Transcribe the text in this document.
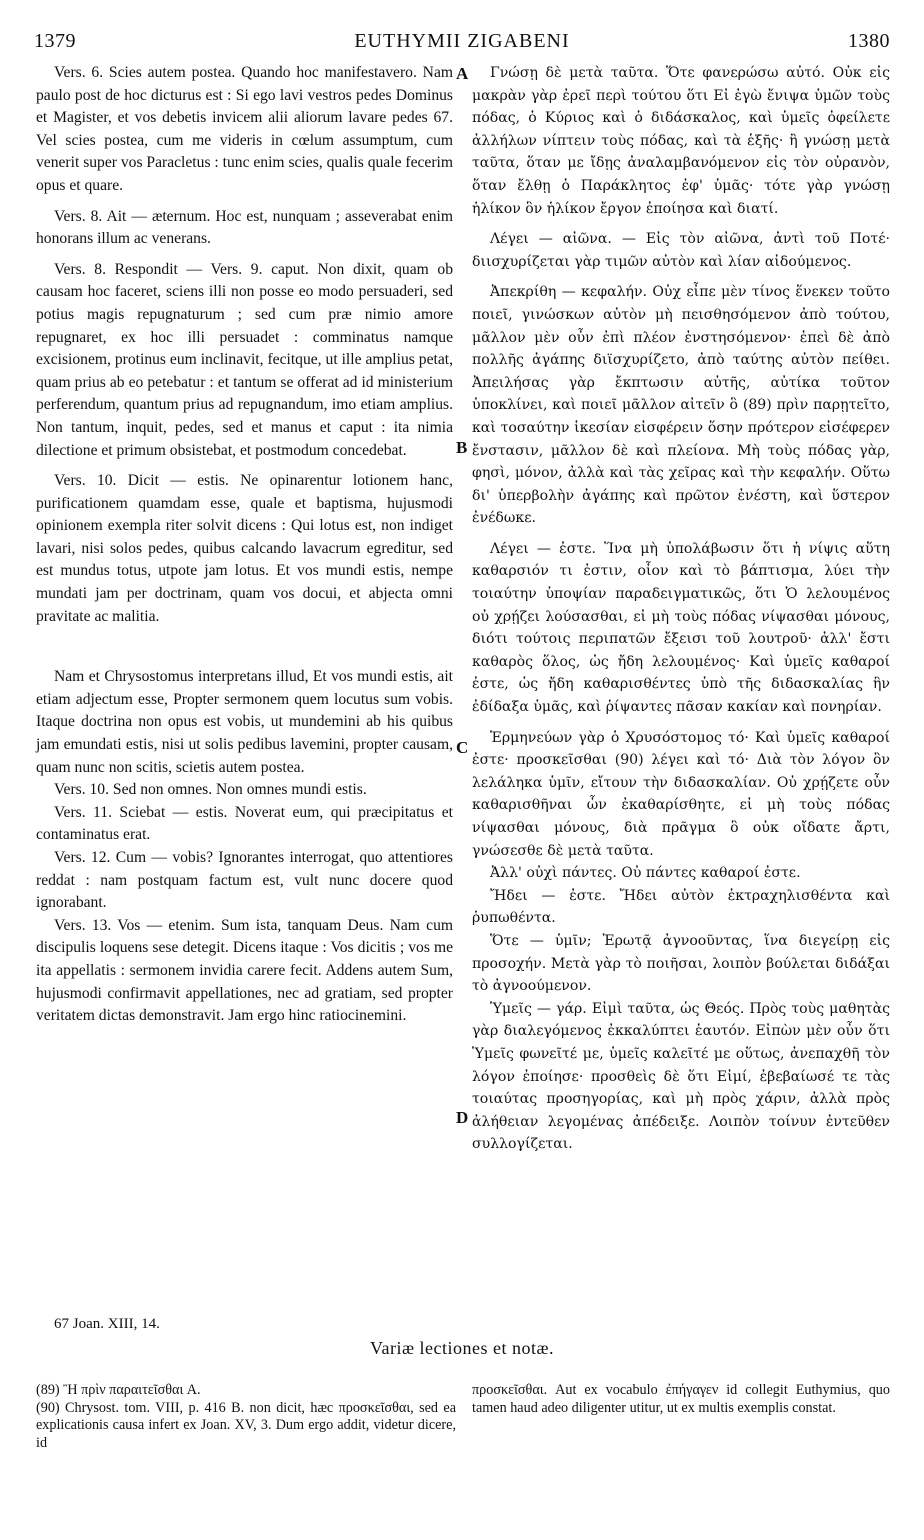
1379	EUTHYMII ZIGABENI	1380

Vers. 6. Scies autem postea. Quando hoc manifestavero. Nam paulo post de hoc dicturus est : Si ego lavi vestros pedes Dominus et Magister, et vos debetis invicem alii aliorum lavare pedes 67. Vel scies postea, cum me videris in cœlum assumptum, cum venerit super vos Paracletus : tunc enim scies, qualis quale fecerim opus et quare.

Vers. 8. Ait — æternum. Hoc est, nunquam ; asseverabat enim honorans illum ac venerans.

Vers. 8. Respondit — Vers. 9. caput. Non dixit, quam ob causam hoc faceret, sciens illi non posse eo modo persuaderi, sed potius magis repugnaturum ; sed cum præ nimio amore repugnaret, ex hoc illi persuadet : comminatus namque excisionem, protinus eum inclinavit, fecitque, ut ille amplius petat, quam prius ab eo petebatur : et tantum se offerat ad id ministerium perferendum, quantum prius ad repugnandum, imo etiam amplius. Non tantum, inquit, pedes, sed et manus et caput : ita nimia dilectione et primum obsistebat, et postmodum concedebat.

Vers. 10. Dicit — estis. Ne opinarentur lotionem hanc, purificationem quamdam esse, quale et baptisma, hujusmodi opinionem exempla riter solvit dicens : Qui lotus est, non indiget lavari, nisi solos pedes, quibus calcando lavacrum egreditur, sed est mundus totus, utpote jam lotus. Et vos mundi estis, nempe mundati jam per doctrinam, quam vos docui, et abjecta omni pravitate ac malitia.

Nam et Chrysostomus interpretans illud, Et vos mundi estis, ait etiam adjectum esse, Propter sermonem quem locutus sum vobis. Itaque doctrina non opus est vobis, ut mundemini ab his quibus jam emundati estis, nisi ut solis pedibus lavemini, propter causam, quam nunc non scitis, scietis autem postea.

Vers. 10. Sed non omnes. Non omnes mundi estis.

Vers. 11. Sciebat — estis. Noverat eum, qui præcipitatus et contaminatus erat.

Vers. 12. Cum — vobis? Ignorantes interrogat, quo attentiores reddat : nam postquam factum est, vult nunc docere quod ignorabant.

Vers. 13. Vos — etenim. Sum ista, tanquam Deus. Nam cum discipulis loquens sese detegit. Dicens itaque : Vos dicitis ; vos me ita appellatis : sermonem invidia carere fecit. Addens autem Sum, hujusmodi confirmavit appellationes, nec ad gratiam, sed propter veritatem dictas demonstravit. Jam ergo hinc ratiocinemini.

A
B
C
D

Γνώσῃ δὲ μετὰ ταῦτα. Ὅτε φανερώσω αὐτό. Οὐκ εἰς μακρὰν γὰρ ἐρεῖ περὶ τούτου ὅτι Εἰ ἐγὼ ἔνιψα ὑμῶν τοὺς πόδας, ὁ Κύριος καὶ ὁ διδάσκαλος, καὶ ὑμεῖς ὀφείλετε ἀλλήλων νίπτειν τοὺς πόδας, καὶ τὰ ἑξῆς· ἢ γνώσῃ μετὰ ταῦτα, ὅταν με ἴδῃς ἀναλαμβανόμενον εἰς τὸν οὐρανὸν, ὅταν ἔλθῃ ὁ Παράκλητος ἐφ' ὑμᾶς· τότε γὰρ γνώσῃ ἡλίκον ὃν ἡλίκον ἔργον ἐποίησα καὶ διατί.

Λέγει — αἰῶνα. — Εἰς τὸν αἰῶνα, ἀντὶ τοῦ Ποτέ· διισχυρίζεται γὰρ τιμῶν αὐτὸν καὶ λίαν αἰδούμενος.

Ἀπεκρίθη — κεφαλήν. Οὐχ εἶπε μὲν τίνος ἕνεκεν τοῦτο ποιεῖ, γινώσκων αὐτὸν μὴ πεισθησόμενον ἀπὸ τούτου, μᾶλλον μὲν οὖν ἐπὶ πλέον ἐνστησόμενον· ἐπεὶ δὲ ἀπὸ πολλῆς ἀγάπης διϊσχυρίζετο, ἀπὸ ταύτης αὐτὸν πείθει. Ἀπειλήσας γὰρ ἔκπτωσιν αὐτῆς, αὐτίκα τοῦτον ὑποκλίνει, καὶ ποιεῖ μᾶλλον αἰτεῖν ὃ (89) πρὶν παρῃτεῖτο, καὶ τοσαύτην ἱκεσίαν εἰσφέρειν ὅσην πρότερον εἰσέφερεν ἔνστασιν, μᾶλλον δὲ καὶ πλείονα. Μὴ τοὺς πόδας γὰρ, φησὶ, μόνον, ἀλλὰ καὶ τὰς χεῖρας καὶ τὴν κεφαλήν. Οὕτω δι' ὑπερβολὴν ἀγάπης καὶ πρῶτον ἐνέστη, καὶ ὕστερον ἐνέδωκε.

Λέγει — ἐστε. Ἵνα μὴ ὑπολάβωσιν ὅτι ἡ νίψις αὕτη καθαρσιόν τι ἐστιν, οἷον καὶ τὸ βάπτισμα, λύει τὴν τοιαύτην ὑποψίαν παραδειγματικῶς, ὅτι Ὁ λελουμένος οὐ χρῄζει λούσασθαι, εἰ μὴ τοὺς πόδας νίψασθαι μόνους, διότι τούτοις περιπατῶν ἔξεισι τοῦ λουτροῦ· ἀλλ' ἔστι καθαρὸς ὅλος, ὡς ἤδη λελουμένος· Καὶ ὑμεῖς καθαροί ἐστε, ὡς ἤδη καθαρισθέντες ὑπὸ τῆς διδασκαλίας ἣν ἐδίδαξα ὑμᾶς, καὶ ῥίψαντες πᾶσαν κακίαν καὶ πονηρίαν.

Ἑρμηνεύων γὰρ ὁ Χρυσόστομος τό· Καὶ ὑμεῖς καθαροί ἐστε· προσκεῖσθαι (90) λέγει καὶ τό· Διὰ τὸν λόγον ὃν λελάληκα ὑμῖν, εἴτουν τὴν διδασκαλίαν. Οὐ χρῄζετε οὖν καθαρισθῆναι ὧν ἐκαθαρίσθητε, εἰ μὴ τοὺς πόδας νίψασθαι μόνους, διὰ πρᾶγμα ὃ οὐκ οἴδατε ἄρτι, γνώσεσθε δὲ μετὰ ταῦτα.

Ἀλλ' οὐχὶ πάντες. Οὐ πάντες καθαροί ἐστε.

Ἤδει — ἐστε. Ἤδει αὐτὸν ἐκτραχηλισθέντα καὶ ῥυπωθέντα.

Ὅτε — ὑμῖν; Ἐρωτᾷ ἀγνοοῦντας, ἵνα διεγείρῃ εἰς προσοχήν. Μετὰ γὰρ τὸ ποιῆσαι, λοιπὸν βούλεται διδάξαι τὸ ἀγνοούμενον.

Ὑμεῖς — γάρ. Εἰμὶ ταῦτα, ὡς Θεός. Πρὸς τοὺς μαθητὰς γὰρ διαλεγόμενος ἐκκαλύπτει ἑαυτόν. Εἰπὼν μὲν οὖν ὅτι Ὑμεῖς φωνεῖτέ με, ὑμεῖς καλεῖτέ με οὕτως, ἀνεπαχθῆ τὸν λόγον ἐποίησε· προσθεὶς δὲ ὅτι Εἰμί, ἐβεβαίωσέ τε τὰς τοιαύτας προσηγορίας, καὶ μὴ πρὸς χάριν, ἀλλὰ πρὸς ἀλήθειαν λεγομένας ἀπέδειξε. Λοιπὸν τοίνυν ἐντεῦθεν συλλογίζεται.

67 Joan. XIII, 14.
Variæ lectiones et notæ.

(89) Ἢ πρὶν παραιτεῖσθαι A.

(90) Chrysost. tom. VIII, p. 416 B. non dicit, hæc προσκεῖσθαι, sed ea explicationis causa infert ex Joan. XV, 3. Dum ergo addit, videtur dicere, id

προσκεῖσθαι. Aut ex vocabulo ἐπήγαγεν id collegit Euthymius, quo tamen haud adeo diligenter utitur, ut ex multis exemplis constat.
